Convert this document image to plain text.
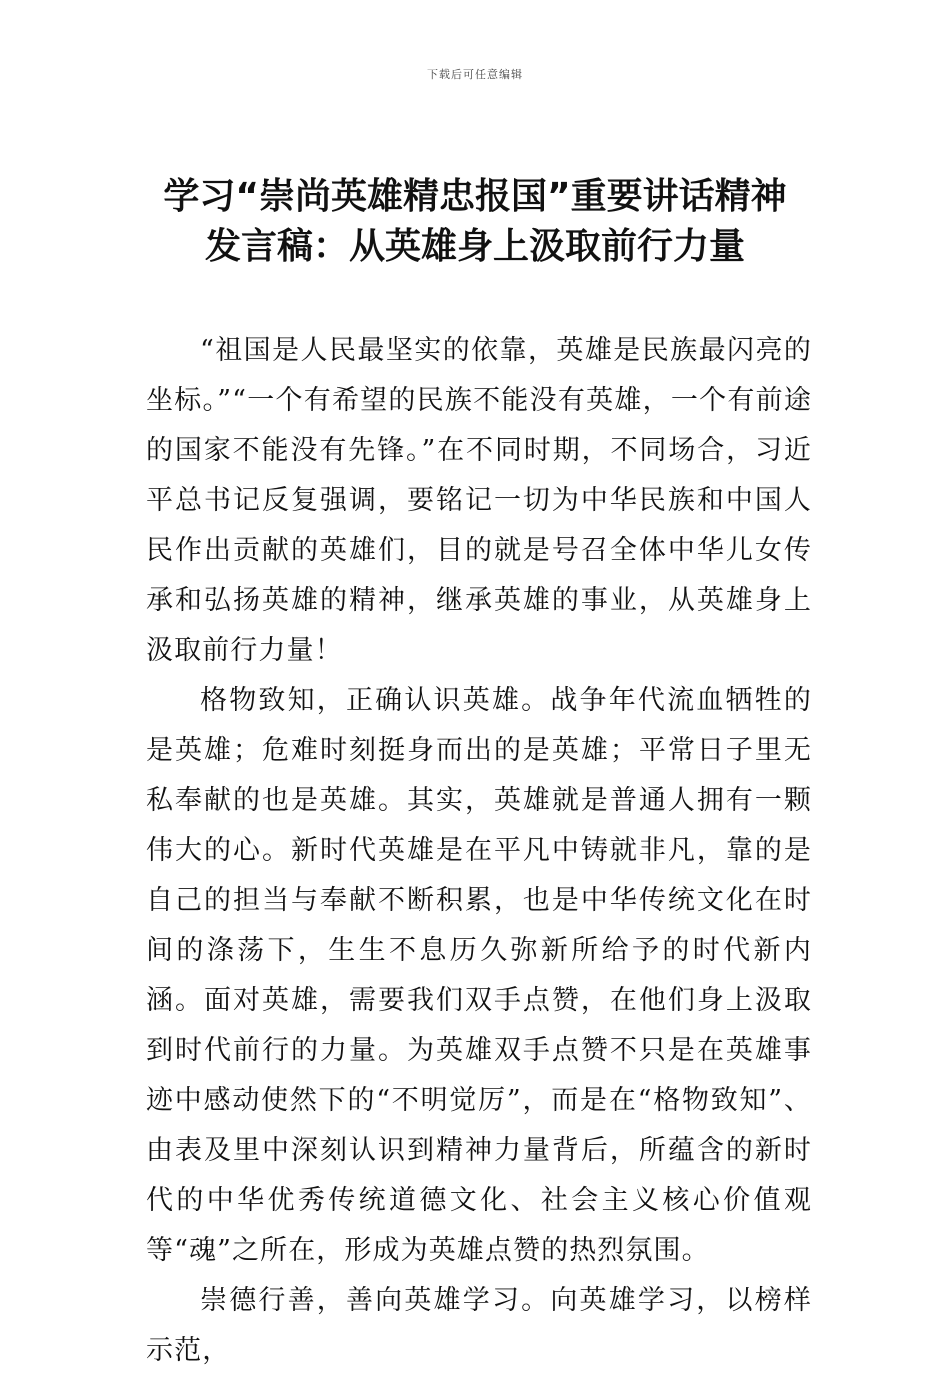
下载后可任意编辑
学习“崇尚英雄精忠报国”重要讲话精神
发言稿：从英雄身上汲取前行力量

“祖国是人民最坚实的依靠，英雄是民族最闪亮的坐标。”“一个有希望的民族不能没有英雄，一个有前途的国家不能没有先锋。”在不同时期，不同场合，习近平总书记反复强调，要铭记一切为中华民族和中国人民作出贡献的英雄们，目的就是号召全体中华儿女传承和弘扬英雄的精神，继承英雄的事业，从英雄身上汲取前行力量！

格物致知，正确认识英雄。战争年代流血牺牲的是英雄；危难时刻挺身而出的是英雄；平常日子里无私奉献的也是英雄。其实，英雄就是普通人拥有一颗伟大的心。新时代英雄是在平凡中铸就非凡，靠的是自己的担当与奉献不断积累，也是中华传统文化在时间的涤荡下，生生不息历久弥新所给予的时代新内涵。面对英雄，需要我们双手点赞，在他们身上汲取到时代前行的力量。为英雄双手点赞不只是在英雄事迹中感动使然下的“不明觉厉”，而是在“格物致知”、由表及里中深刻认识到精神力量背后，所蕴含的新时代的中华优秀传统道德文化、社会主义核心价值观等“魂”之所在，形成为英雄点赞的热烈氛围。

崇德行善，善向英雄学习。向英雄学习，以榜样示范，
